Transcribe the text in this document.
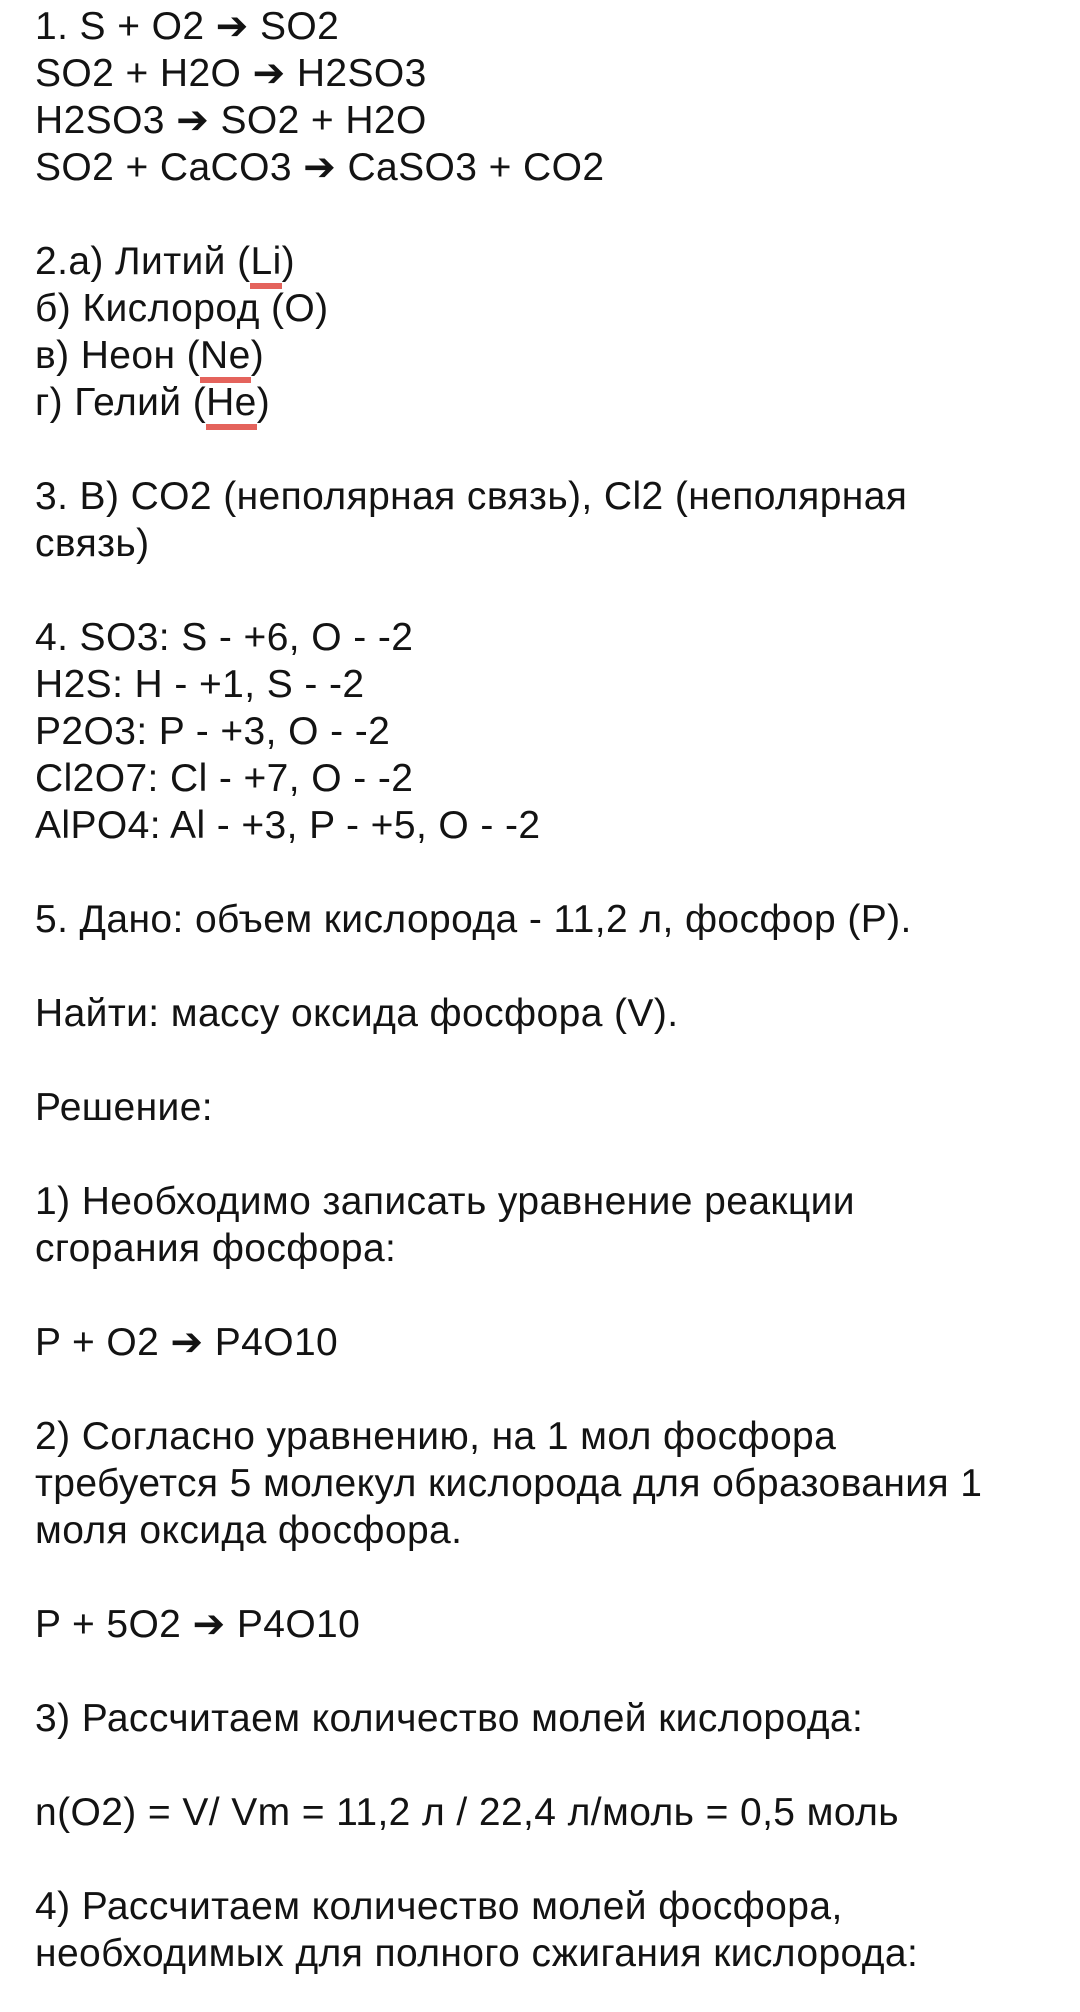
1. S + O2 ➔ SO2
SO2 + H2O ➔ H2SO3
H2SO3 ➔ SO2 + H2O
SO2 + CaCO3 ➔ CaSO3 + CO2

2.а) Литий (Li)
б) Кислород (О)
в) Неон (Ne)
г) Гелий (He)

3. В) CO2 (неполярная связь), Cl2 (неполярная
связь)

4. SO3: S - +6, O - -2
H2S: H - +1, S - -2
P2O3: P - +3, O - -2
Cl2O7: Cl - +7, O - -2
AlPO4: Al - +3, P - +5, O - -2

5. Дано: объем кислорода - 11,2 л, фосфор (P).

Найти: массу оксида фосфора (V).

Решение:

1) Необходимо записать уравнение реакции
сгорания фосфора:

P + O2 ➔ P4O10

2) Согласно уравнению, на 1 мол фосфора
требуется 5 молекул кислорода для образования 1
моля оксида фосфора.

P + 5O2 ➔ P4O10

3) Рассчитаем количество молей кислорода:

n(O2) = V/ Vm = 11,2 л / 22,4 л/моль = 0,5 моль

4) Рассчитаем количество молей фосфора,
необходимых для полного сжигания кислорода:
